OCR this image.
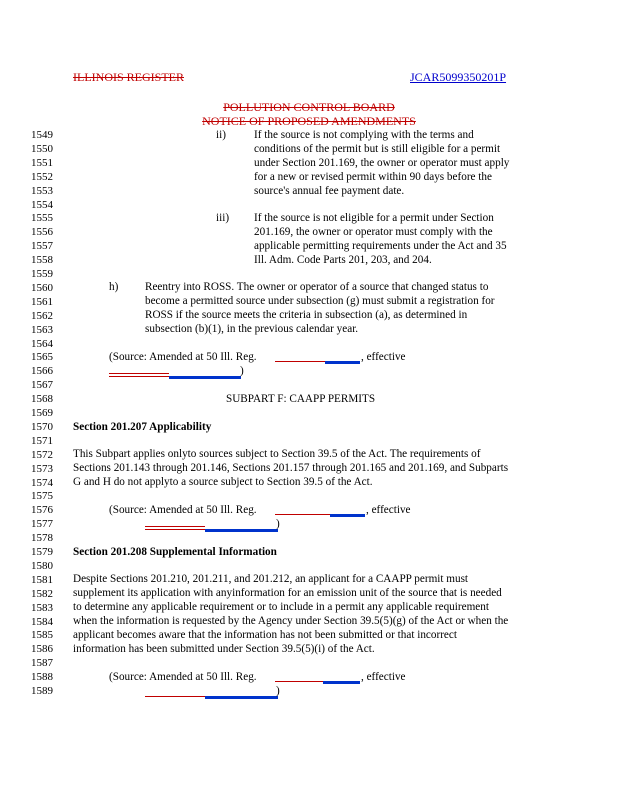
ILLINOIS REGISTER	JCAR5099350201P
POLLUTION CONTROL BOARD
NOTICE OF PROPOSED AMENDMENTS
1549
1550
1551
1552
1553
1554
1555
1556
1557
1558
1559
1560
1561
1562
1563
1564
1565
1566
1567
1568
1569
1570
1571
1572
1573
1574
1575
1576
1577
1578
1579
1580
1581
1582
1583
1584
1585
1586
1587
1588
1589
ii)	If the source is not complying with the terms and
conditions of the permit but is still eligible for a permit
under Section 201.169, the owner or operator must apply
for a new or revised permit within 90 days before the
source's annual fee payment date.
iii) If the source is not eligible for a permit under Section
201.169, the owner or operator must comply with the
applicable permitting requirements under the Act and 35
Ill. Adm. Code Parts 201, 203, and 204.
h) Reentry into ROSS. The owner or operator of a source that changed status to
become a permitted source under subsection (g) must submit a registration for
ROSS if the source meets the criteria in subsection (a), as determined in
subsection (b)(1), in the previous calendar year.
(Source: Amended at 50 Ill. Reg.	, effective
)
SUBPART F: CAAPP PERMITS
Section 201.207 Applicability
This Subpart applies onlyto sources subject to Section 39.5 of the Act. The requirements of
Sections 201.143 through 201.146, Sections 201.157 through 201.165 and 201.169, and Subparts
G and H do not applyto a source subject to Section 39.5 of the Act.
(Source: Amended at 50 Ill. Reg.	, effective
)
Section 201.208 Supplemental Information
Despite Sections 201.210, 201.211, and 201.212, an applicant for a CAAPP permit must
supplement its application with anyinformation for an emission unit of the source that is needed
to determine any applicable requirement or to include in a permit any applicable requirement
when the information is requested by the Agency under Section 39.5(5)(g) of the Act or when the
applicant becomes aware that the information has not been submitted or that incorrect
information has been submitted under Section 39.5(5)(i) of the Act.
(Source: Amended at 50 Ill. Reg.	, effective
)
